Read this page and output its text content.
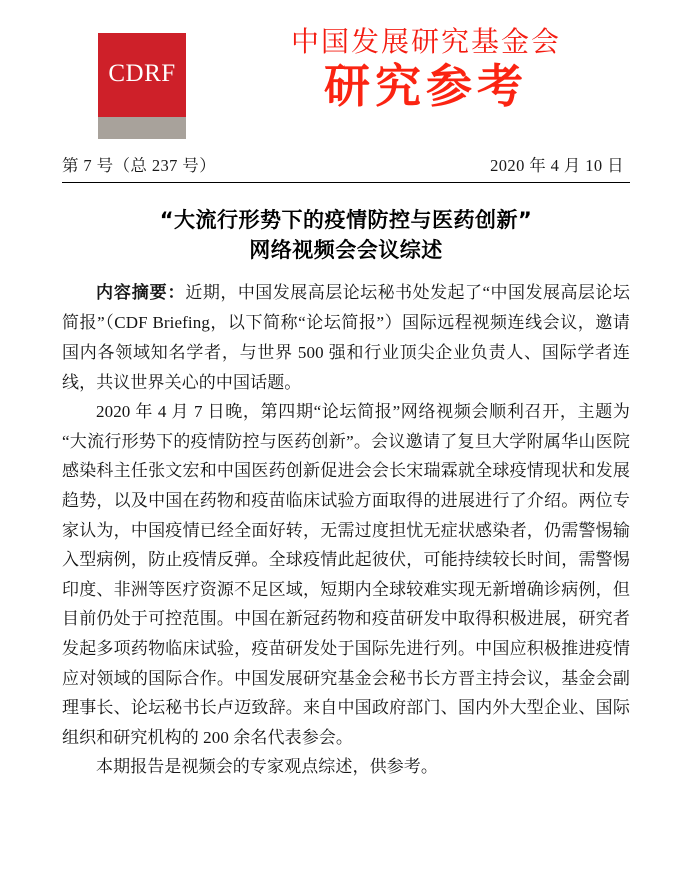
CDRF
中国发展研究基金会
研究参考
第 7 号（总 237 号）	2020 年 4 月 10 日
“大流行形势下的疫情防控与医药创新”
网络视频会会议综述

内容摘要：近期，中国发展高层论坛秘书处发起了“中国发展高层论坛简报”（CDF Briefing，以下简称“论坛简报”）国际远程视频连线会议，邀请国内各领域知名学者，与世界 500 强和行业顶尖企业负责人、国际学者连线，共议世界关心的中国话题。

2020 年 4 月 7 日晚，第四期“论坛简报”网络视频会顺利召开，主题为“大流行形势下的疫情防控与医药创新”。会议邀请了复旦大学附属华山医院感染科主任张文宏和中国医药创新促进会会长宋瑞霖就全球疫情现状和发展趋势，以及中国在药物和疫苗临床试验方面取得的进展进行了介绍。两位专家认为，中国疫情已经全面好转，无需过度担忧无症状感染者，仍需警惕输入型病例，防止疫情反弹。全球疫情此起彼伏，可能持续较长时间，需警惕印度、非洲等医疗资源不足区域，短期内全球较难实现无新增确诊病例，但目前仍处于可控范围。中国在新冠药物和疫苗研发中取得积极进展，研究者发起多项药物临床试验，疫苗研发处于国际先进行列。中国应积极推进疫情应对领域的国际合作。中国发展研究基金会秘书长方晋主持会议，基金会副理事长、论坛秘书长卢迈致辞。来自中国政府部门、国内外大型企业、国际组织和研究机构的 200 余名代表参会。

本期报告是视频会的专家观点综述，供参考。
